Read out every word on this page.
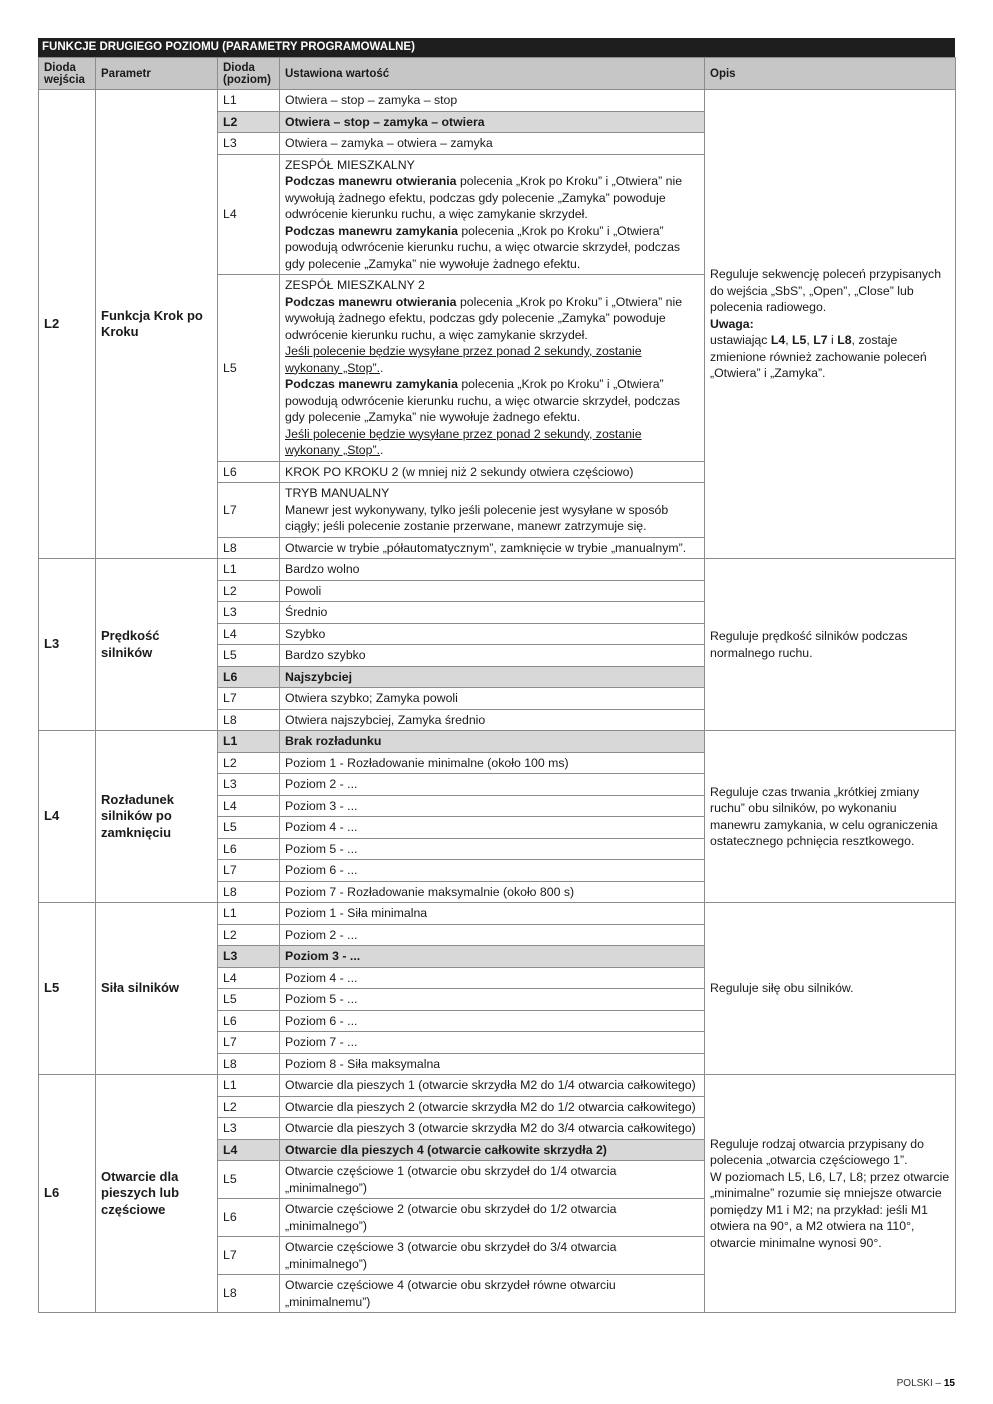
FUNKCJE DRUGIEGO POZIOMU (PARAMETRY PROGRAMOWALNE)
Dioda wejścia	Parametr	Dioda (poziom)	Ustawiona wartość	Opis
L2	Funkcja Krok po Kroku	L1	Otwiera – stop – zamyka – stop	Reguluje sekwencję poleceń przypisanych do wejścia „SbS”, „Open”, „Close” lub polecenia radiowego.
Uwaga:
ustawiając L4, L5, L7 i L8, zostaje zmienione również zachowanie poleceń „Otwiera” i „Zamyka”.
		L2	Otwiera – stop – zamyka – otwiera	
		L3	Otwiera – zamyka – otwiera – zamyka	
		L4	ZESPÓŁ MIESZKALNY
Podczas manewru otwierania polecenia „Krok po Kroku” i „Otwiera” nie wywołują żadnego efektu, podczas gdy polecenie „Zamyka” powoduje odwrócenie kierunku ruchu, a więc zamykanie skrzydeł.
Podczas manewru zamykania polecenia „Krok po Kroku” i „Otwiera” powodują odwrócenie kierunku ruchu, a więc otwarcie skrzydeł, podczas gdy polecenie „Zamyka” nie wywołuje żadnego efektu.	
		L5	ZESPÓŁ MIESZKALNY 2
Podczas manewru otwierania polecenia „Krok po Kroku” i „Otwiera” nie wywołują żadnego efektu, podczas gdy polecenie „Zamyka” powoduje odwrócenie kierunku ruchu, a więc zamykanie skrzydeł.
Jeśli polecenie będzie wysyłane przez ponad 2 sekundy, zostanie wykonany „Stop”..
Podczas manewru zamykania polecenia „Krok po Kroku” i „Otwiera” powodują odwrócenie kierunku ruchu, a więc otwarcie skrzydeł, podczas gdy polecenie „Zamyka” nie wywołuje żadnego efektu.
Jeśli polecenie będzie wysyłane przez ponad 2 sekundy, zostanie wykonany „Stop”..	
		L6	KROK PO KROKU 2 (w mniej niż 2 sekundy otwiera częściowo)	
		L7	TRYB MANUALNY
Manewr jest wykonywany, tylko jeśli polecenie jest wysyłane w sposób ciągły; jeśli polecenie zostanie przerwane, manewr zatrzymuje się.	
		L8	Otwarcie w trybie „półautomatycznym”, zamknięcie w trybie „manualnym”.	
L3	Prędkość silników	L1	Bardzo wolno	Reguluje prędkość silników podczas normalnego ruchu.
		L2	Powoli	
		L3	Średnio	
		L4	Szybko	
		L5	Bardzo szybko	
		L6	Najszybciej	
		L7	Otwiera szybko; Zamyka powoli	
		L8	Otwiera najszybciej, Zamyka średnio	
L4	Rozładunek silników po zamknięciu	L1	Brak rozładunku	Reguluje czas trwania „krótkiej zmiany ruchu” obu silników, po wykonaniu manewru zamykania, w celu ograniczenia ostatecznego pchnięcia resztkowego.
		L2	Poziom 1 - Rozładowanie minimalne (około 100 ms)	
		L3	Poziom 2 - ...	
		L4	Poziom 3 - ...	
		L5	Poziom 4 - ...	
		L6	Poziom 5 - ...	
		L7	Poziom 6 - ...	
		L8	Poziom 7 - Rozładowanie maksymalnie (około 800 s)	
L5	Siła silników	L1	Poziom 1 - Siła minimalna	Reguluje siłę obu silników.
		L2	Poziom 2 - ...	
		L3	Poziom 3 - ...	
		L4	Poziom 4 - ...	
		L5	Poziom 5 - ...	
		L6	Poziom 6 - ...	
		L7	Poziom 7 - ...	
		L8	Poziom 8 - Siła maksymalna	
L6	Otwarcie dla pieszych lub częściowe	L1	Otwarcie dla pieszych 1 (otwarcie skrzydła M2 do 1/4 otwarcia całkowitego)	Reguluje rodzaj otwarcia przypisany do polecenia „otwarcia częściowego 1”.
W poziomach L5, L6, L7, L8; przez otwarcie „minimalne” rozumie się mniejsze otwarcie pomiędzy M1 i M2; na przykład: jeśli M1 otwiera na 90°, a M2 otwiera na 110°, otwarcie minimalne wynosi 90°.

		L2	Otwarcie dla pieszych 2 (otwarcie skrzydła M2 do 1/2 otwarcia całkowitego)	
		L3	Otwarcie dla pieszych 3 (otwarcie skrzydła M2 do 3/4 otwarcia całkowitego)	
		L4	Otwarcie dla pieszych 4 (otwarcie całkowite skrzydła 2)	
		L5	Otwarcie częściowe 1 (otwarcie obu skrzydeł do 1/4 otwarcia „minimalnego”)	
		L6	Otwarcie częściowe 2 (otwarcie obu skrzydeł do 1/2 otwarcia „minimalnego”)	
		L7	Otwarcie częściowe 3 (otwarcie obu skrzydeł do 3/4 otwarcia „minimalnego”)	
		L8	Otwarcie częściowe 4 (otwarcie obu skrzydeł równe otwarciu „minimalnemu”)	
POLSKI – 15
